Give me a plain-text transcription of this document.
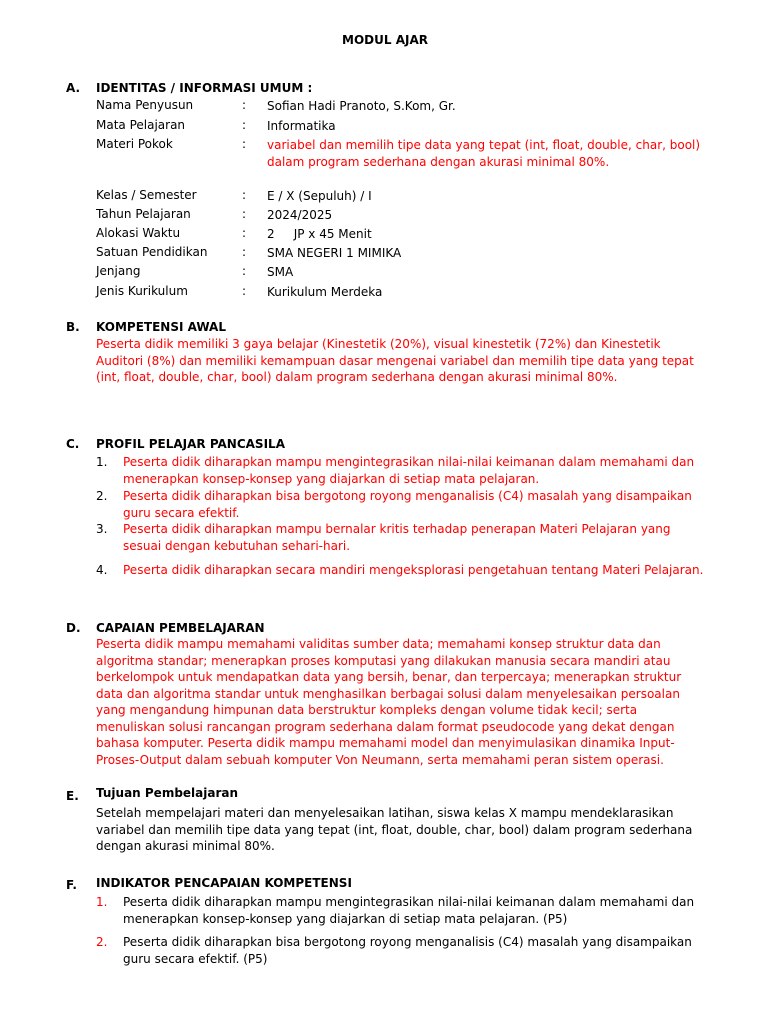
MODUL AJAR
A. IDENTITAS / INFORMASI UMUM :
Nama Penyusun	: Sofian Hadi Pranoto, S.Kom, Gr.
Mata Pelajaran	: Informatika
Materi Pokok	: variabel dan memilih tipe data yang tepat (int, float, double, char, bool) dalam program sederhana dengan akurasi minimal 80%.
Kelas / Semester	: E / X (Sepuluh) / I
Tahun Pelajaran	: 2024/2025
Alokasi Waktu	: 2     JP x 45 Menit
Satuan Pendidikan	: SMA NEGERI 1 MIMIKA
Jenjang	: SMA
Jenis Kurikulum	: Kurikulum Merdeka
B. KOMPETENSI AWAL
Peserta didik memiliki 3 gaya belajar (Kinestetik (20%), visual kinestetik (72%) dan Kinestetik Auditori (8%) dan memiliki kemampuan dasar mengenai variabel dan memilih tipe data yang tepat (int, float, double, char, bool) dalam program sederhana dengan akurasi minimal 80%.
C. PROFIL PELAJAR PANCASILA
1. Peserta didik diharapkan mampu mengintegrasikan nilai-nilai keimanan dalam memahami dan menerapkan konsep-konsep yang diajarkan di setiap mata pelajaran.
2. Peserta didik diharapkan bisa bergotong royong menganalisis (C4) masalah yang disampaikan guru secara efektif.
3. Peserta didik diharapkan mampu bernalar kritis terhadap penerapan Materi Pelajaran yang sesuai dengan kebutuhan sehari-hari.
4. Peserta didik diharapkan secara mandiri mengeksplorasi pengetahuan tentang Materi Pelajaran.
D. CAPAIAN PEMBELAJARAN
Peserta didik mampu memahami validitas sumber data; memahami konsep struktur data dan algoritma standar; menerapkan proses komputasi yang dilakukan manusia secara mandiri atau berkelompok untuk mendapatkan data yang bersih, benar, dan terpercaya; menerapkan struktur data dan algoritma standar untuk menghasilkan berbagai solusi dalam menyelesaikan persoalan yang mengandung himpunan data berstruktur kompleks dengan volume tidak kecil; serta menuliskan solusi rancangan program sederhana dalam format pseudocode yang dekat dengan bahasa komputer. Peserta didik mampu memahami model dan menyimulasikan dinamika Input-Proses-Output dalam sebuah komputer Von Neumann, serta memahami peran sistem operasi.
E. Tujuan Pembelajaran
Setelah mempelajari materi dan menyelesaikan latihan, siswa kelas X mampu mendeklarasikan variabel dan memilih tipe data yang tepat (int, float, double, char, bool) dalam program sederhana dengan akurasi minimal 80%.
F. INDIKATOR PENCAPAIAN KOMPETENSI
1. Peserta didik diharapkan mampu mengintegrasikan nilai-nilai keimanan dalam memahami dan menerapkan konsep-konsep yang diajarkan di setiap mata pelajaran. (P5)
2. Peserta didik diharapkan bisa bergotong royong menganalisis (C4) masalah yang disampaikan guru secara efektif. (P5)
